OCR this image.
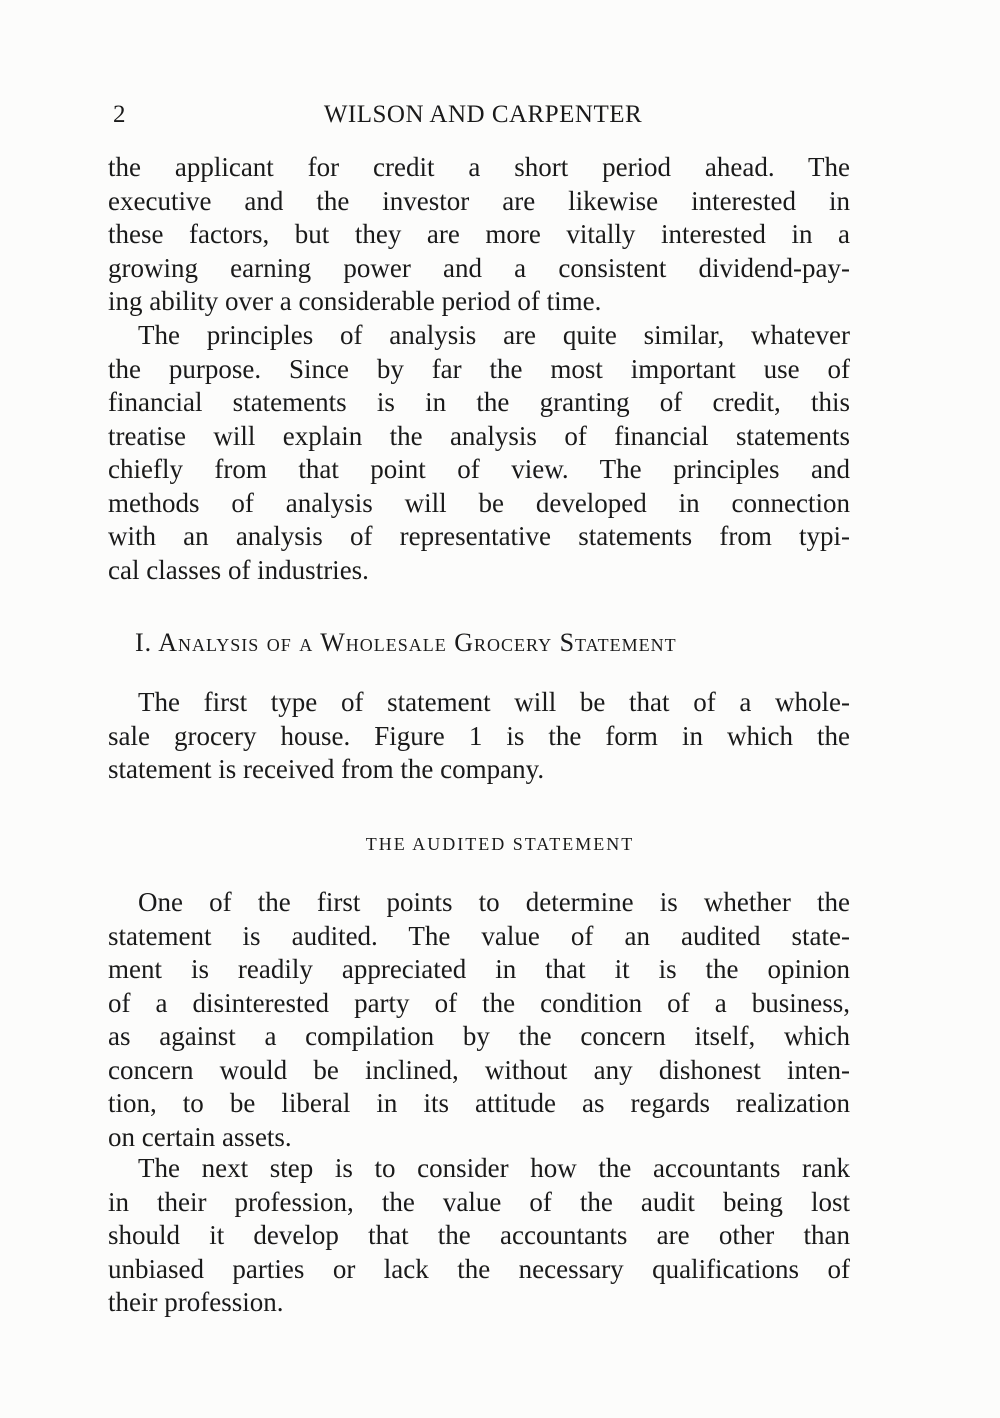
2	WILSON AND CARPENTER
the applicant for credit a short period ahead. The
executive and the investor are likewise interested in
these factors, but they are more vitally interested in a
growing earning power and a consistent dividend-pay-
ing ability over a considerable period of time.
The principles of analysis are quite similar, whatever
the purpose. Since by far the most important use of
financial statements is in the granting of credit, this
treatise will explain the analysis of financial statements
chiefly from that point of view. The principles and
methods of analysis will be developed in connection
with an analysis of representative statements from typi-
cal classes of industries.
I. Analysis of a Wholesale Grocery Statement
The first type of statement will be that of a whole-
sale grocery house. Figure 1 is the form in which the
statement is received from the company.
THE AUDITED STATEMENT
One of the first points to determine is whether the
statement is audited. The value of an audited state-
ment is readily appreciated in that it is the opinion
of a disinterested party of the condition of a business,
as against a compilation by the concern itself, which
concern would be inclined, without any dishonest inten-
tion, to be liberal in its attitude as regards realization
on certain assets.
The next step is to consider how the accountants rank
in their profession, the value of the audit being lost
should it develop that the accountants are other than
unbiased parties or lack the necessary qualifications of
their profession.
